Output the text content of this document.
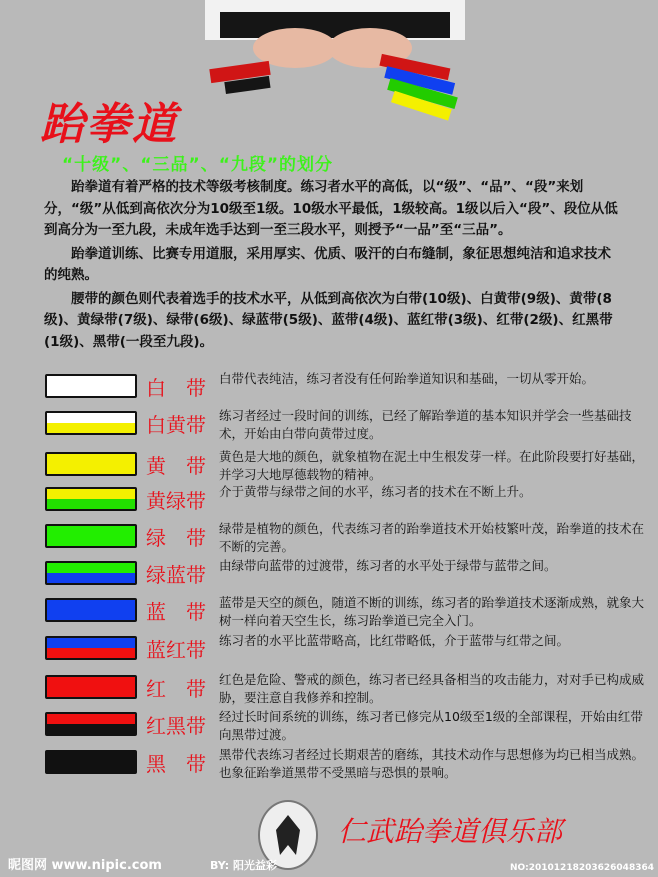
跆拳道
“十级”、“三品”、“九段”的划分

跆拳道有着严格的技术等级考核制度。练习者水平的高低，以“级”、“品”、“段”来划分，“级”从低到高依次分为10级至1级。10级水平最低，1级较高。1级以后入“段”、段位从低到高分为一至九段，未成年选手达到一至三段水平，则授予“一品”至“三品”。

跆拳道训练、比赛专用道服，采用厚实、优质、吸汗的白布缝制，象征思想纯洁和追求技术的纯熟。

腰带的颜色则代表着选手的技术水平，从低到高依次为白带(10级)、白黄带(9级)、黄带(8级)、黄绿带(7级)、绿带(6级)、绿蓝带(5级)、蓝带(4级)、蓝红带(3级)、红带(2级)、红黑带(1级)、黑带(一段至九段)。

白　带	白带代表纯洁，练习者没有任何跆拳道知识和基础，一切从零开始。
白黄带	练习者经过一段时间的训练，已经了解跆拳道的基本知识并学会一些基础技术，开始由白带向黄带过度。
黄　带	黄色是大地的颜色，就象植物在泥土中生根发芽一样。在此阶段要打好基础，并学习大地厚德载物的精神。
黄绿带	介于黄带与绿带之间的水平，练习者的技术在不断上升。
绿　带	绿带是植物的颜色，代表练习者的跆拳道技术开始枝繁叶茂，跆拳道的技术在不断的完善。
绿蓝带	由绿带向蓝带的过渡带，练习者的水平处于绿带与蓝带之间。
蓝　带	蓝带是天空的颜色，随道不断的训练，练习者的跆拳道技术逐渐成熟，就象大树一样向着天空生长，练习跆拳道已完全入门。
蓝红带	练习者的水平比蓝带略高，比红带略低，介于蓝带与红带之间。
红　带	红色是危险、警戒的颜色，练习者已经具备相当的攻击能力，对对手已构成威胁，要注意自我修养和控制。
红黑带	经过长时间系统的训练，练习者已修完从10级至1级的全部课程，开始由红带向黑带过渡。
黑　带	黑带代表练习者经过长期艰苦的磨练，其技术动作与思想修为均已相当成熟。也象征跆拳道黑带不受黑暗与恐惧的景响。
仁武跆拳道俱乐部
昵图网 www.nipic.com	BY: 阳光益彩	NO:20101218203626048364
